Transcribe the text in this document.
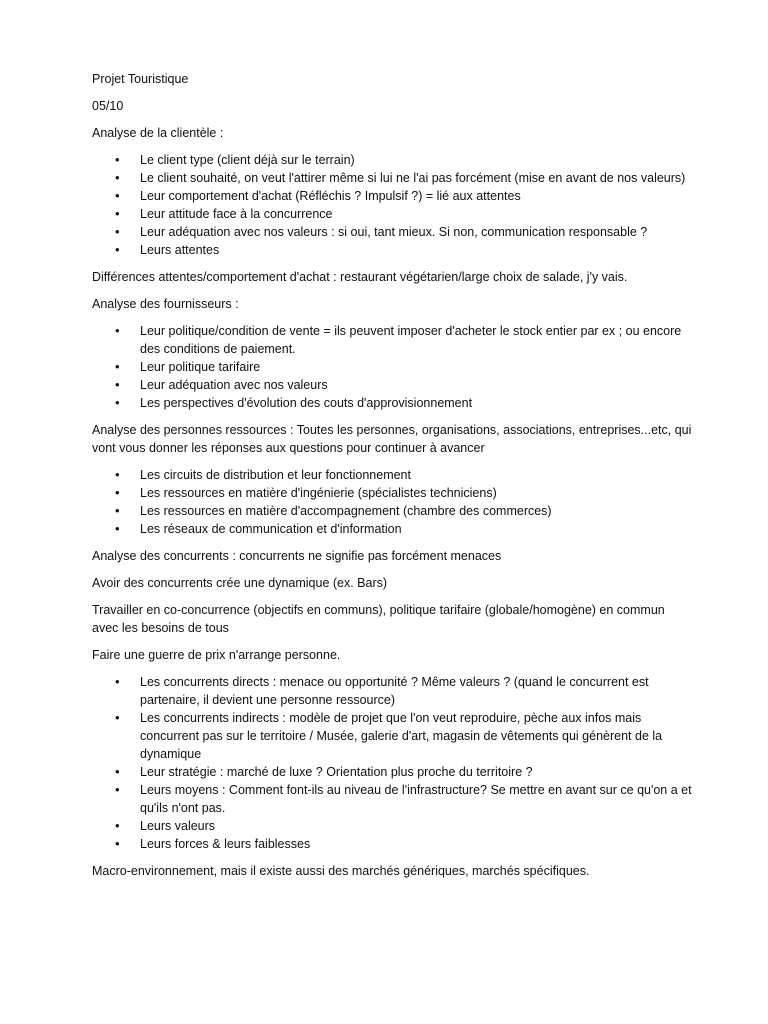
Projet Touristique

05/10

Analyse de la clientèle :

• Le client type (client déjà sur le terrain)
• Le client souhaité, on veut l'attirer même si lui ne l'ai pas forcément (mise en avant de nos valeurs)
• Leur comportement d'achat (Réfléchis ? Impulsif ?) = lié aux attentes
• Leur attitude face à la concurrence
• Leur adéquation avec nos valeurs : si oui, tant mieux. Si non, communication responsable ?
• Leurs attentes

Différences attentes/comportement d'achat : restaurant végétarien/large choix de salade, j'y vais.

Analyse des fournisseurs :

• Leur politique/condition de vente = ils peuvent imposer d'acheter le stock entier par ex ; ou encore des conditions de paiement.
• Leur politique tarifaire
• Leur adéquation avec nos valeurs
• Les perspectives d'évolution des couts d'approvisionnement

Analyse des personnes ressources : Toutes les personnes, organisations, associations, entreprises...etc, qui vont vous donner les réponses aux questions pour continuer à avancer

• Les circuits de distribution et leur fonctionnement
• Les ressources en matière d'ingénierie (spécialistes techniciens)
• Les ressources en matière d'accompagnement (chambre des commerces)
• Les réseaux de communication et d'information

Analyse des concurrents : concurrents ne signifie pas forcément menaces

Avoir des concurrents crée une dynamique (ex. Bars)

Travailler en co-concurrence (objectifs en communs), politique tarifaire (globale/homogène) en commun avec les besoins de tous

Faire une guerre de prix n'arrange personne.

• Les concurrents directs : menace ou opportunité ? Même valeurs ? (quand le concurrent est partenaire, il devient une personne ressource)
• Les concurrents indirects : modèle de projet que l'on veut reproduire, pèche aux infos mais concurrent pas sur le territoire / Musée, galerie d'art, magasin de vêtements qui génèrent de la dynamique
• Leur stratégie : marché de luxe ? Orientation plus proche du territoire ?
• Leurs moyens : Comment font-ils au niveau de l'infrastructure? Se mettre en avant sur ce qu'on a et qu'ils n'ont pas.
• Leurs valeurs
• Leurs forces & leurs faiblesses

Macro-environnement, mais il existe aussi des marchés génériques, marchés spécifiques.
